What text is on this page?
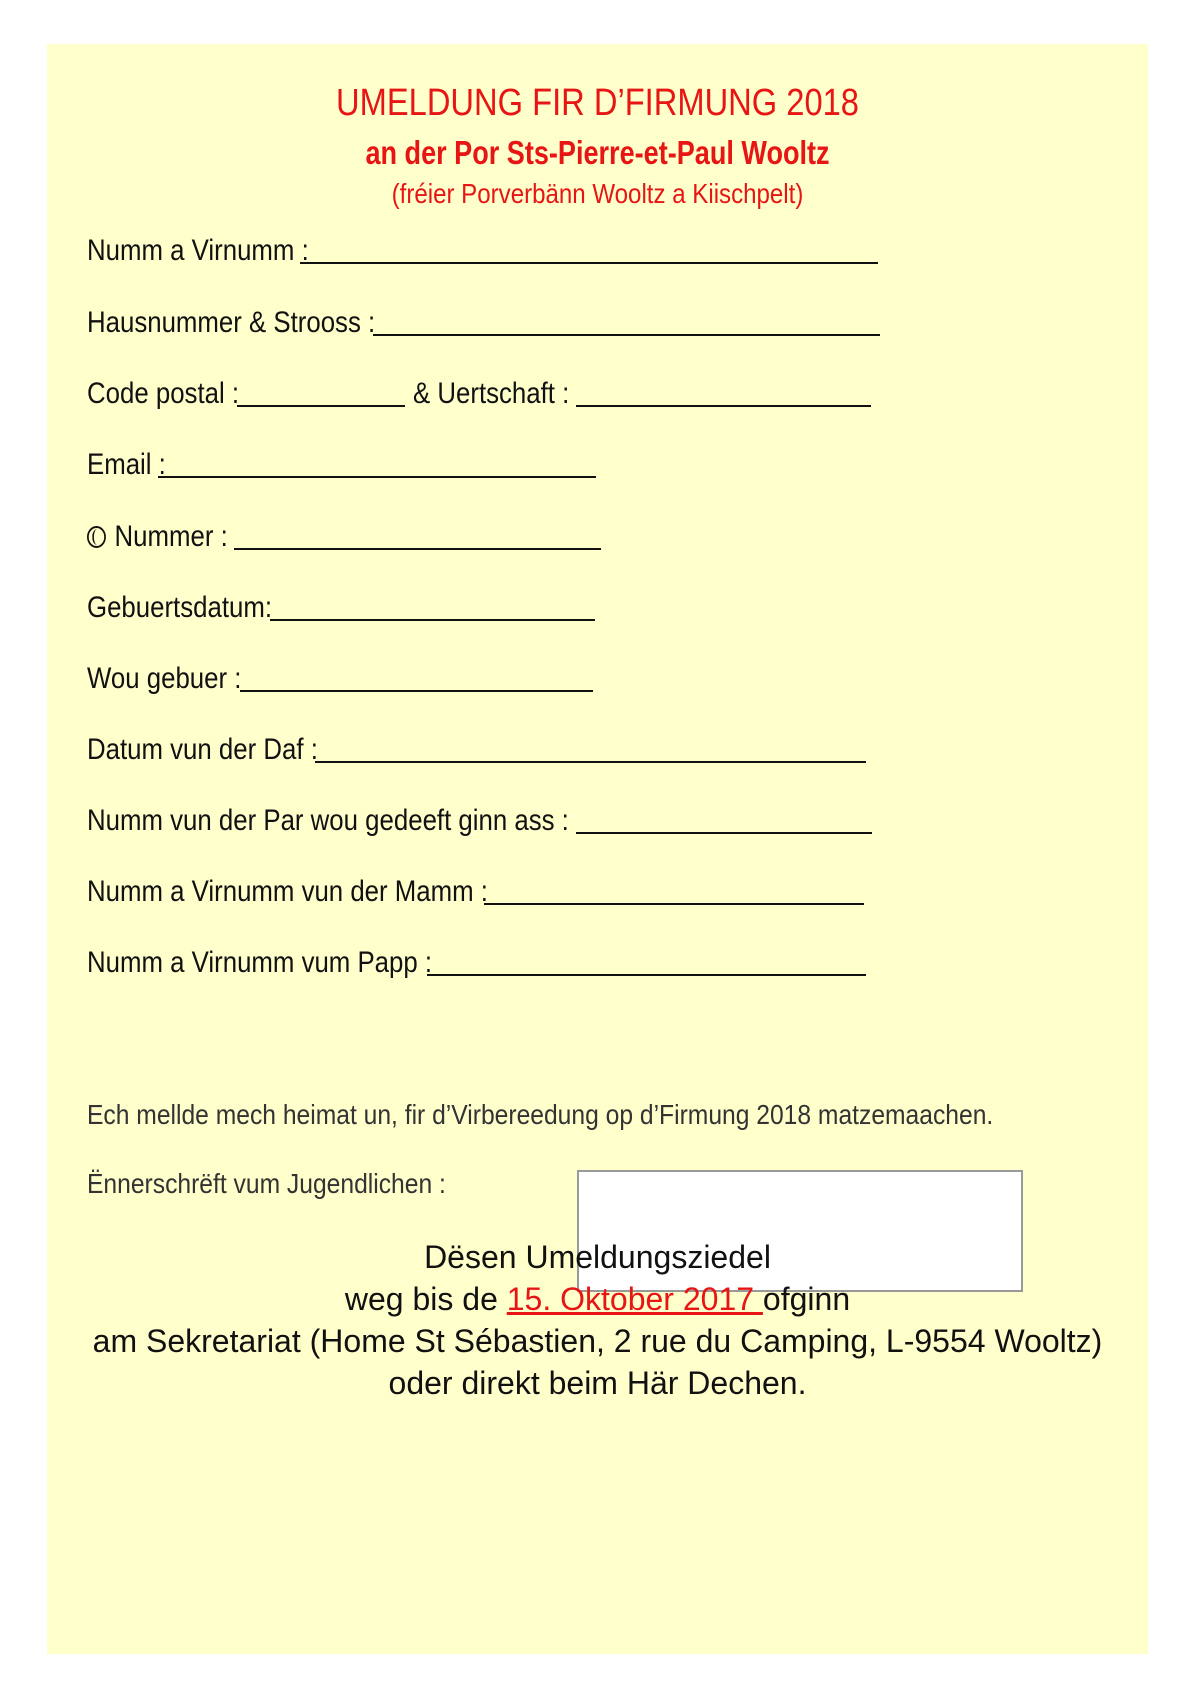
UMELDUNG FIR D’FIRMUNG 2018
an der Por Sts-Pierre-et-Paul Wooltz
(fréier Porverbänn Wooltz a Kiischpelt)
Numm a Virnumm :
Hausnummer & Strooss :
Code postal :	& Uertschaft :
Email :
Nummer :
Gebuertsdatum:
Wou gebuer :
Datum vun der Daf :
Numm vun der Par wou gedeeft ginn ass :
Numm a Virnumm vun der Mamm :
Numm a Virnumm vum Papp :
Ech mellde mech heimat un, fir d’Virbereedung op d’Firmung 2018 matzemaachen.
Ënnerschrëft vum Jugendlichen :
Dësen Umeldungsziedel
weg bis de 15. Oktober 2017 ofginn
am Sekretariat (Home St Sébastien, 2 rue du Camping, L-9554 Wooltz)
oder direkt beim Här Dechen.
